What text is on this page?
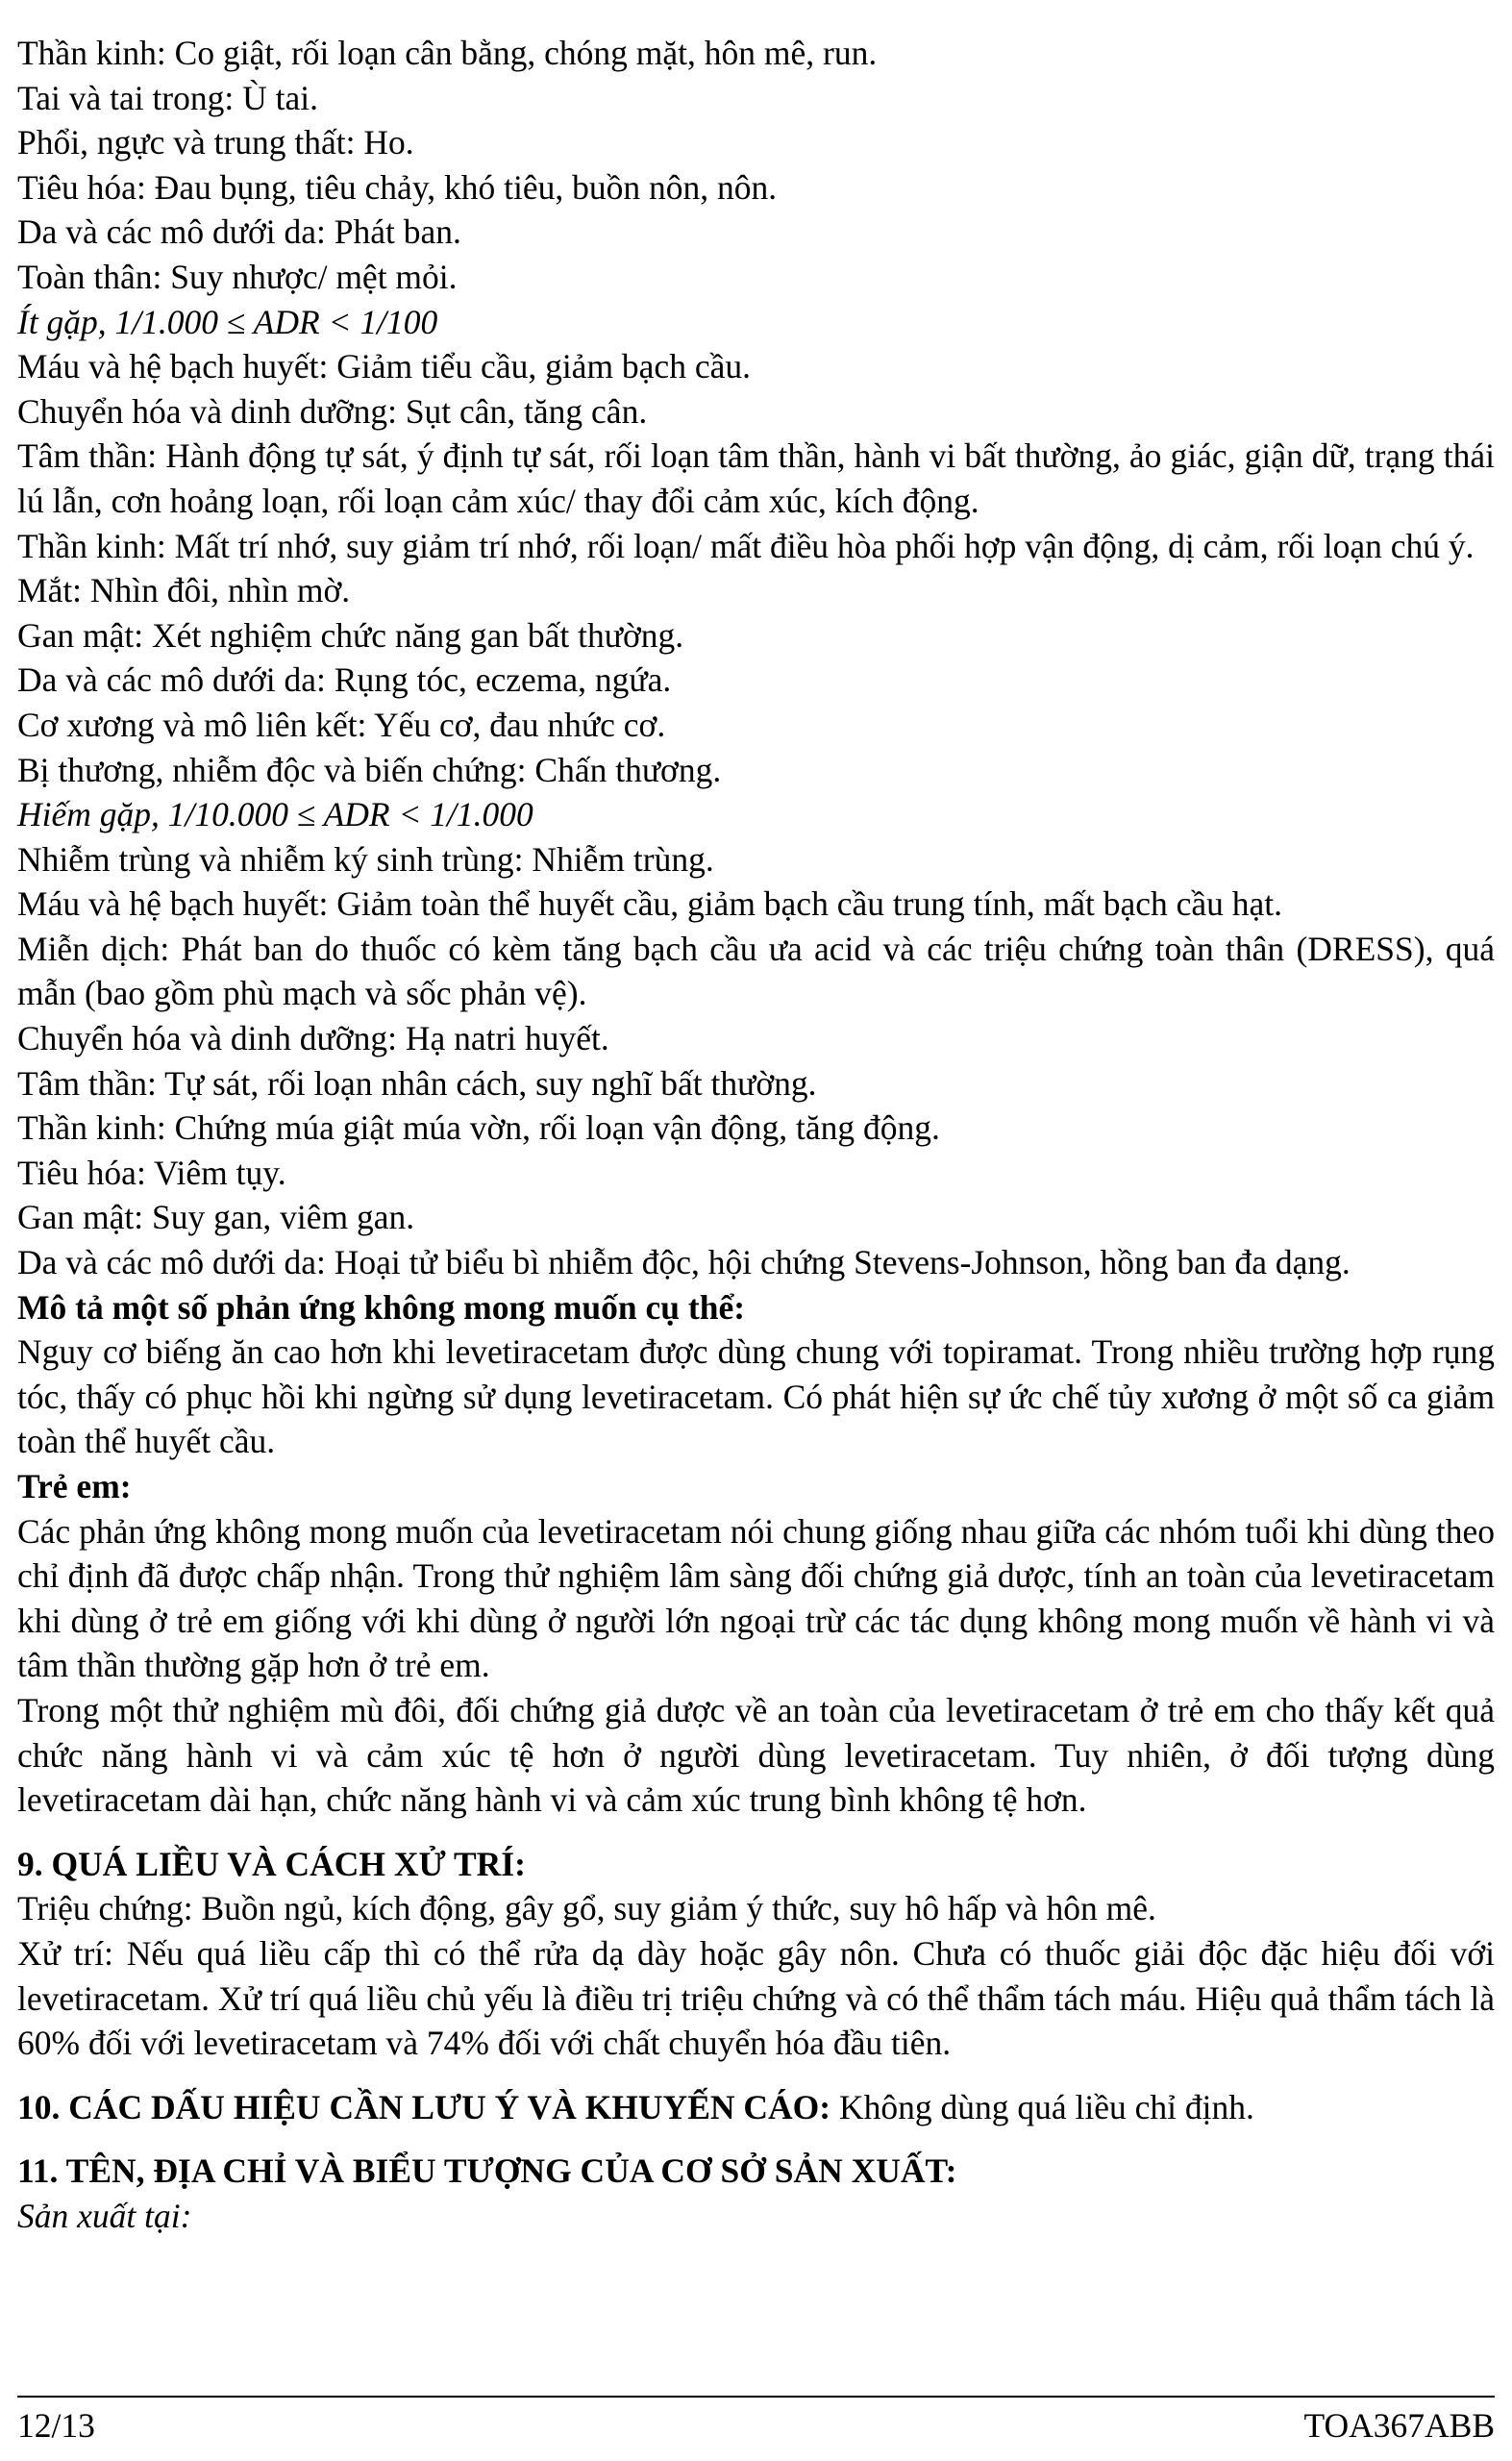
Thần kinh: Co giật, rối loạn cân bằng, chóng mặt, hôn mê, run.
Tai và tai trong: Ù tai.
Phổi, ngực và trung thất: Ho.
Tiêu hóa: Đau bụng, tiêu chảy, khó tiêu, buồn nôn, nôn.
Da và các mô dưới da: Phát ban.
Toàn thân: Suy nhược/ mệt mỏi.
Ít gặp, 1/1.000 ≤ ADR < 1/100
Máu và hệ bạch huyết: Giảm tiểu cầu, giảm bạch cầu.
Chuyển hóa và dinh dưỡng: Sụt cân, tăng cân.
Tâm thần: Hành động tự sát, ý định tự sát, rối loạn tâm thần, hành vi bất thường, ảo giác, giận dữ, trạng thái lú lẫn, cơn hoảng loạn, rối loạn cảm xúc/ thay đổi cảm xúc, kích động.
Thần kinh: Mất trí nhớ, suy giảm trí nhớ, rối loạn/ mất điều hòa phối hợp vận động, dị cảm, rối loạn chú ý.
Mắt: Nhìn đôi, nhìn mờ.
Gan mật: Xét nghiệm chức năng gan bất thường.
Da và các mô dưới da: Rụng tóc, eczema, ngứa.
Cơ xương và mô liên kết: Yếu cơ, đau nhức cơ.
Bị thương, nhiễm độc và biến chứng: Chấn thương.
Hiếm gặp, 1/10.000 ≤ ADR < 1/1.000
Nhiễm trùng và nhiễm ký sinh trùng: Nhiễm trùng.
Máu và hệ bạch huyết: Giảm toàn thể huyết cầu, giảm bạch cầu trung tính, mất bạch cầu hạt.
Miễn dịch: Phát ban do thuốc có kèm tăng bạch cầu ưa acid và các triệu chứng toàn thân (DRESS), quá mẫn (bao gồm phù mạch và sốc phản vệ).
Chuyển hóa và dinh dưỡng: Hạ natri huyết.
Tâm thần: Tự sát, rối loạn nhân cách, suy nghĩ bất thường.
Thần kinh: Chứng múa giật múa vờn, rối loạn vận động, tăng động.
Tiêu hóa: Viêm tụy.
Gan mật: Suy gan, viêm gan.
Da và các mô dưới da: Hoại tử biểu bì nhiễm độc, hội chứng Stevens-Johnson, hồng ban đa dạng.
Mô tả một số phản ứng không mong muốn cụ thể:
Nguy cơ biếng ăn cao hơn khi levetiracetam được dùng chung với topiramat. Trong nhiều trường hợp rụng tóc, thấy có phục hồi khi ngừng sử dụng levetiracetam. Có phát hiện sự ức chế tủy xương ở một số ca giảm toàn thể huyết cầu.
Trẻ em:
Các phản ứng không mong muốn của levetiracetam nói chung giống nhau giữa các nhóm tuổi khi dùng theo chỉ định đã được chấp nhận. Trong thử nghiệm lâm sàng đối chứng giả dược, tính an toàn của levetiracetam khi dùng ở trẻ em giống với khi dùng ở người lớn ngoại trừ các tác dụng không mong muốn về hành vi và tâm thần thường gặp hơn ở trẻ em.
Trong một thử nghiệm mù đôi, đối chứng giả dược về an toàn của levetiracetam ở trẻ em cho thấy kết quả chức năng hành vi và cảm xúc tệ hơn ở người dùng levetiracetam. Tuy nhiên, ở đối tượng dùng levetiracetam dài hạn, chức năng hành vi và cảm xúc trung bình không tệ hơn.
9. QUÁ LIỀU VÀ CÁCH XỬ TRÍ:
Triệu chứng: Buồn ngủ, kích động, gây gổ, suy giảm ý thức, suy hô hấp và hôn mê.
Xử trí: Nếu quá liều cấp thì có thể rửa dạ dày hoặc gây nôn. Chưa có thuốc giải độc đặc hiệu đối với levetiracetam. Xử trí quá liều chủ yếu là điều trị triệu chứng và có thể thẩm tách máu. Hiệu quả thẩm tách là 60% đối với levetiracetam và 74% đối với chất chuyển hóa đầu tiên.
10. CÁC DẤU HIỆU CẦN LƯU Ý VÀ KHUYẾN CÁO: Không dùng quá liều chỉ định.
11. TÊN, ĐỊA CHỈ VÀ BIỂU TƯỢNG CỦA CƠ SỞ SẢN XUẤT:
Sản xuất tại:
12/13	TOA367ABB
